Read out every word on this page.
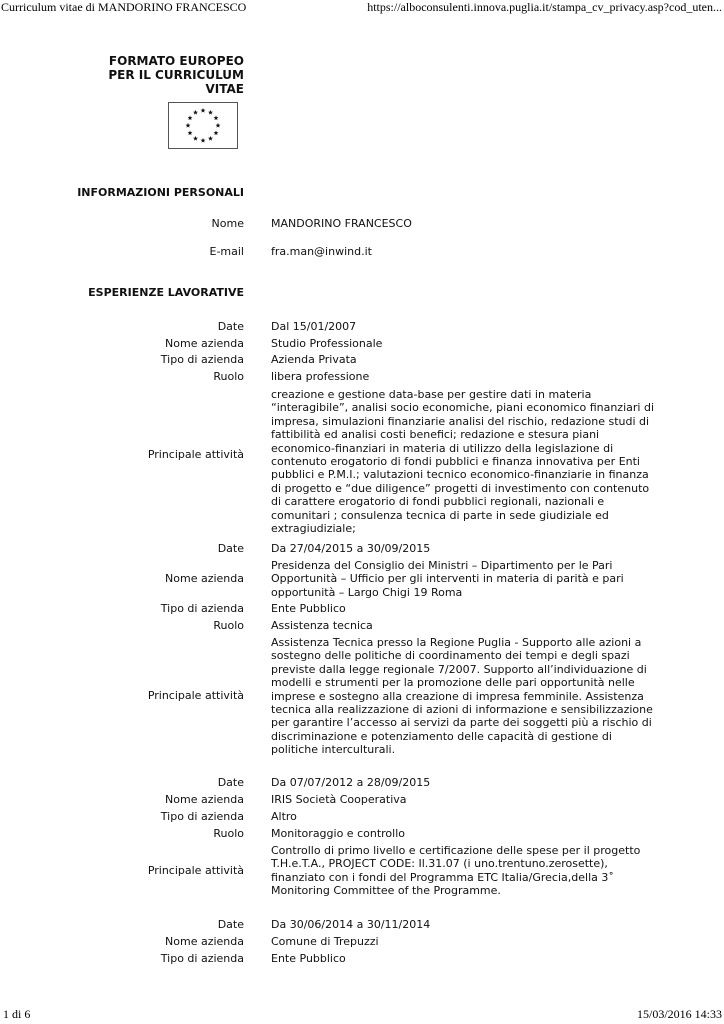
Curriculum vitae di MANDORINO FRANCESCO	https://alboconsulenti.innova.puglia.it/stampa_cv_privacy.asp?cod_uten...
FORMATO EUROPEO
PER IL CURRICULUM
VITAE
INFORMAZIONI PERSONALI
Nome MANDORINO FRANCESCO
E-mail fra.man@inwind.it
ESPERIENZE LAVORATIVE
Date Dal 15/01/2007
Nome azienda Studio Professionale
Tipo di azienda Azienda Privata
Ruolo libera professione
Principale attività
creazione e gestione data-base per gestire dati in materia “interagibile”, analisi socio economiche, piani economico finanziari di impresa, simulazioni finanziarie analisi del rischio, redazione studi di fattibilità ed analisi costi benefici; redazione e stesura piani economico-finanziari in materia di utilizzo della legislazione di contenuto erogatorio di fondi pubblici e finanza innovativa per Enti pubblici e P.M.I.; valutazioni tecnico economico-finanziarie in finanza di progetto e “due diligence” progetti di investimento con contenuto di carattere erogatorio di fondi pubblici regionali, nazionali e comunitari ; consulenza tecnica di parte in sede giudiziale ed extragiudiziale;
Date Da 27/04/2015 a 30/09/2015
Nome azienda
Presidenza del Consiglio dei Ministri – Dipartimento per le Pari Opportunità – Ufficio per gli interventi in materia di parità e pari opportunità – Largo Chigi 19 Roma
Tipo di azienda Ente Pubblico
Ruolo Assistenza tecnica
Principale attività
Assistenza Tecnica presso la Regione Puglia - Supporto alle azioni a sostegno delle politiche di coordinamento dei tempi e degli spazi previste dalla legge regionale 7/2007. Supporto all’individuazione di modelli e strumenti per la promozione delle pari opportunità nelle imprese e sostegno alla creazione di impresa femminile. Assistenza tecnica alla realizzazione di azioni di informazione e sensibilizzazione per garantire l’accesso ai servizi da parte dei soggetti più a rischio di discriminazione e potenziamento delle capacità di gestione di politiche interculturali.
Date Da 07/07/2012 a 28/09/2015
Nome azienda IRIS Società Cooperativa
Tipo di azienda Altro
Ruolo Monitoraggio e controllo
Principale attività
Controllo di primo livello e certificazione delle spese per il progetto T.H.e.T.A., PROJECT CODE: Il.31.07 (i uno.trentuno.zerosette), finanziato con i fondi del Programma ETC Italia/Grecia,della 3˚ Monitoring Committee of the Programme.
Date Da 30/06/2014 a 30/11/2014
Nome azienda Comune di Trepuzzi
Tipo di azienda Ente Pubblico
1 di 6	15/03/2016 14:33
